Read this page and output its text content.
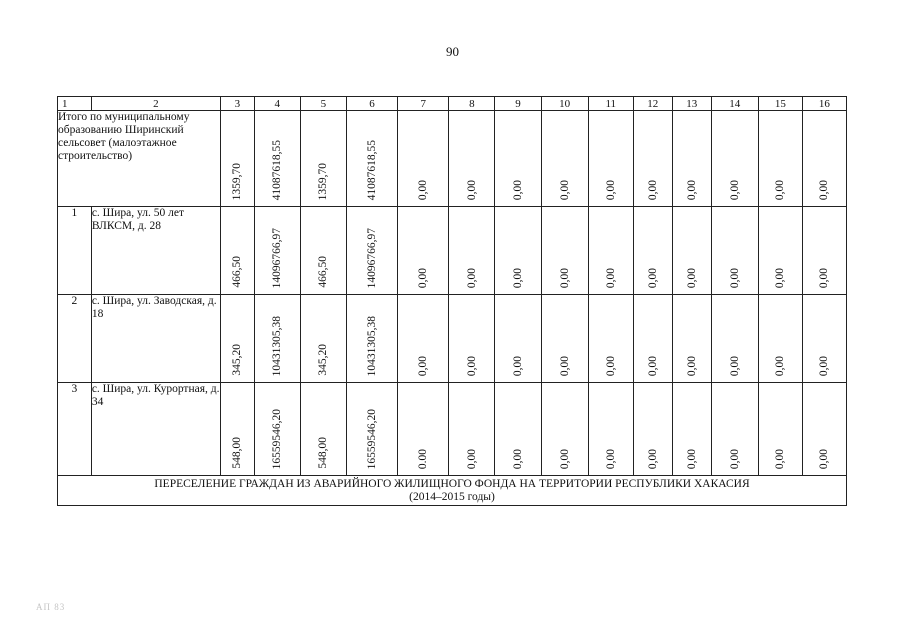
90
1	2	3	4	5	6	7	8	9	10	11	12	13	14	15	16
Итого по муниципальному образованию Ширинский сельсовет (малоэтажное строительство)		1359,70	41087618,55	1359,70	41087618,55	0,00	0,00	0,00	0,00	0,00	0,00	0,00	0,00	0,00	0,00

1	с. Шира, ул. 50 лет ВЛКСМ, д. 28	466,50	14096766,97	466,50	14096766,97	0,00	0,00	0,00	0,00	0,00	0,00	0,00	0,00	0,00	0,00

2	с. Шира, ул. Заводская, д. 18	345,20	10431305,38	345,20	10431305,38	0,00	0,00	0,00	0,00	0,00	0,00	0,00	0,00	0,00	0,00

3	с. Шира, ул. Курортная, д. 34	548,00	16559546,20	548,00	16559546,20	0.00	0,00	0,00	0,00	0,00	0,00	0,00	0,00	0,00	0,00

ПЕРЕСЕЛЕНИЕ ГРАЖДАН ИЗ АВАРИЙНОГО ЖИЛИЩНОГО ФОНДА НА ТЕРРИТОРИИ РЕСПУБЛИКИ ХАКАСИЯ
(2014–2015 годы)															
АП 83
